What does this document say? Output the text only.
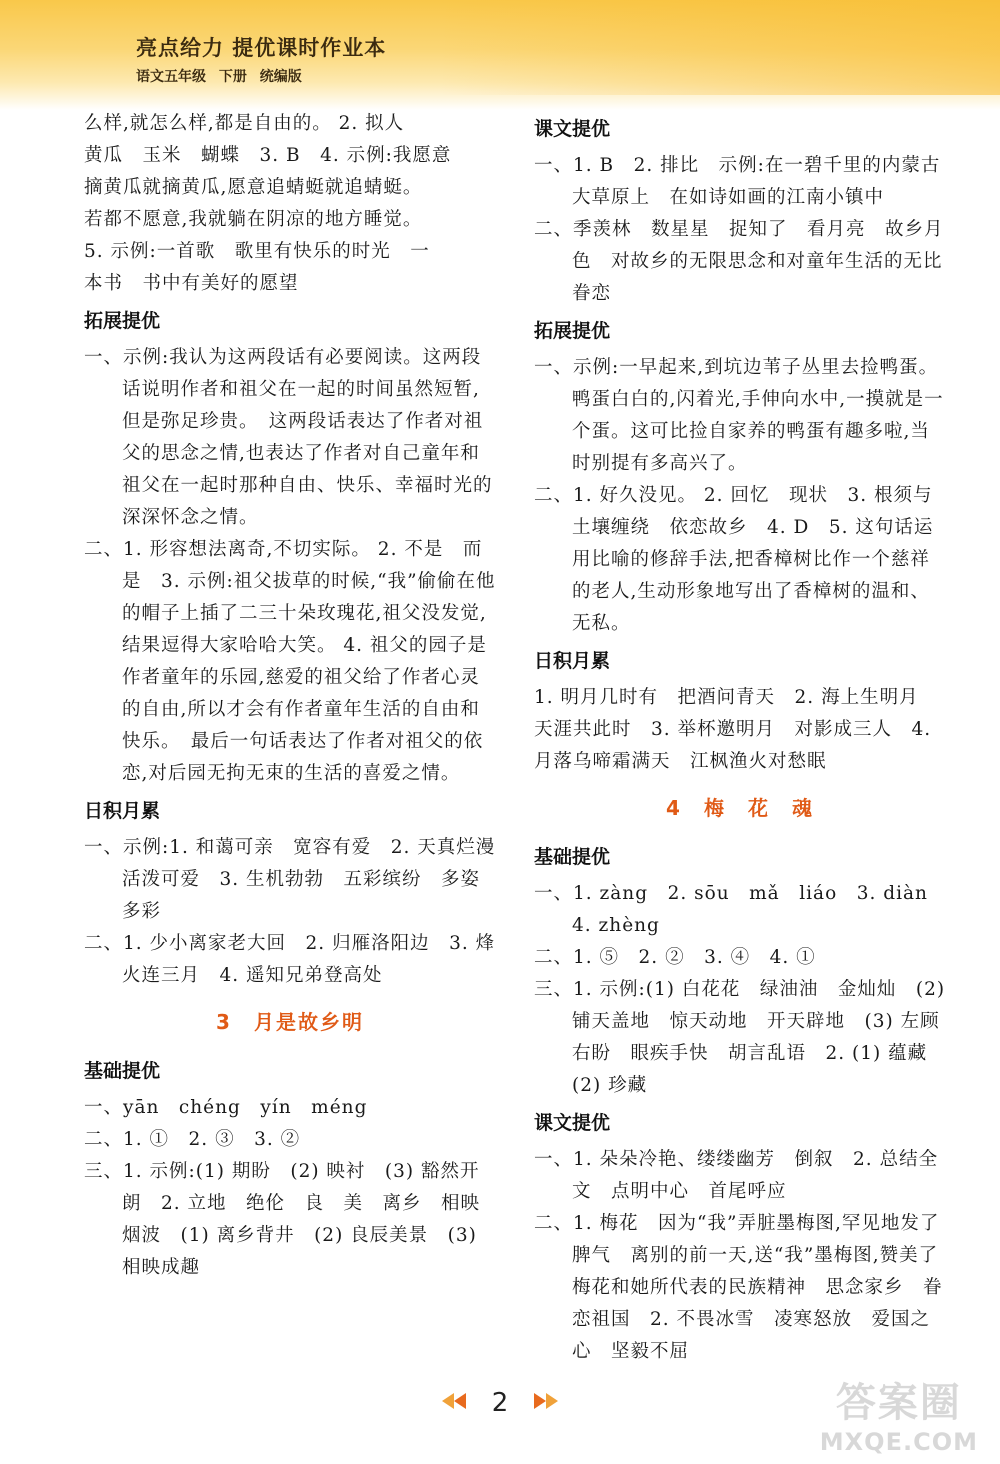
亮点给力 提优课时作业本
语文五年级 下册 统编版
么样,就怎么样,都是自由的。 2. 拟人
黄瓜　玉米　蝴蝶　3. B　4. 示例:我愿意
摘黄瓜就摘黄瓜,愿意追蜻蜓就追蜻蜓。
若都不愿意,我就躺在阴凉的地方睡觉。
5. 示例:一首歌　歌里有快乐的时光　一
本书　书中有美好的愿望
拓展提优
一、示例:我认为这两段话有必要阅读。这两段话说明作者和祖父在一起的时间虽然短暂,但是弥足珍贵。　这两段话表达了作者对祖父的思念之情,也表达了作者对自己童年和祖父在一起时那种自由、快乐、幸福时光的深深怀念之情。
二、1. 形容想法离奇,不切实际。 2. 不是　而是　3. 示例:祖父拔草的时候,“我”偷偷在他的帽子上插了二三十朵玫瑰花,祖父没发觉,结果逗得大家哈哈大笑。 4. 祖父的园子是作者童年的乐园,慈爱的祖父给了作者心灵的自由,所以才会有作者童年生活的自由和快乐。　最后一句话表达了作者对祖父的依恋,对后园无拘无束的生活的喜爱之情。
日积月累
一、示例:1. 和蔼可亲　宽容有爱　2. 天真烂漫　活泼可爱　3. 生机勃勃　五彩缤纷　多姿多彩
二、1. 少小离家老大回　2. 归雁洛阳边　3. 烽火连三月　4. 遥知兄弟登高处
3 月是故乡明
基础提优
一、yān　chéng　yín　méng
二、1. ①　2. ③　3. ②
三、1. 示例:(1) 期盼　(2) 映衬　(3) 豁然开朗　2. 立地　绝伦　良　美　离乡　相映　烟波　(1) 离乡背井　(2) 良辰美景　(3) 相映成趣
课文提优
一、1. B　2. 排比　示例:在一碧千里的内蒙古大草原上　在如诗如画的江南小镇中
二、季羡林　数星星　捉知了　看月亮　故乡月色　对故乡的无限思念和对童年生活的无比眷恋
拓展提优
一、示例:一早起来,到坑边苇子丛里去捡鸭蛋。鸭蛋白白的,闪着光,手伸向水中,一摸就是一个蛋。这可比捡自家养的鸭蛋有趣多啦,当时别提有多高兴了。
二、1. 好久没见。 2. 回忆　现状　3. 根须与土壤缠绕　依恋故乡　4. D　5. 这句话运用比喻的修辞手法,把香樟树比作一个慈祥的老人,生动形象地写出了香樟树的温和、无私。
日积月累
1. 明月几时有　把酒问青天　2. 海上生明月　天涯共此时　3. 举杯邀明月　对影成三人　4. 月落乌啼霜满天　江枫渔火对愁眠
4 梅　花　魂
基础提优
一、1. zàng　2. sōu　mǎ　liáo　3. diàn　4. zhèng
二、1. ⑤　2. ②　3. ④　4. ①
三、1. 示例:(1) 白花花　绿油油　金灿灿　(2) 铺天盖地　惊天动地　开天辟地　(3) 左顾右盼　眼疾手快　胡言乱语　2. (1) 蕴藏　(2) 珍藏
课文提优
一、1. 朵朵冷艳、缕缕幽芳　倒叙　2. 总结全文　点明中心　首尾呼应
二、1. 梅花　因为“我”弄脏墨梅图,罕见地发了脾气　离别的前一天,送“我”墨梅图,赞美了梅花和她所代表的民族精神　思念家乡　眷恋祖国　2. 不畏冰雪　凌寒怒放　爱国之心　坚毅不屈
2	答案圈
MXQE.COM
